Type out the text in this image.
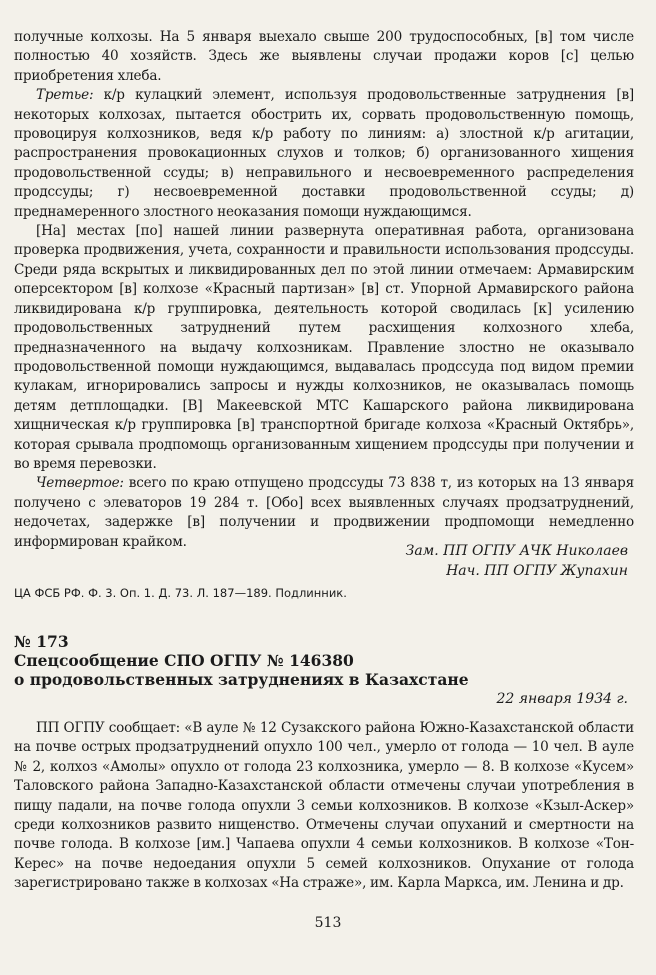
получные колхозы. На 5 января выехало свыше 200 трудоспособных, [в] том числе полностью 40 хозяйств. Здесь же выявлены случаи продажи коров [с] целью приобретения хлеба.

Третье: к/р кулацкий элемент, используя продовольственные затруднения [в] некоторых колхозах, пытается обострить их, сорвать продовольственную помощь, провоцируя колхозников, ведя к/р работу по линиям: а) злостной к/р агитации, распространения провокационных слухов и толков; б) организованного хищения продовольственной ссуды; в) неправильного и несвоевременного распределения продссуды; г) несвоевременной доставки продовольственной ссуды; д) преднамеренного злостного неоказания помощи нуждающимся.

[На] местах [по] нашей линии развернута оперативная работа, организована проверка продвижения, учета, сохранности и правильности использования продссуды. Среди ряда вскрытых и ликвидированных дел по этой линии отмечаем: Армавирским оперсектором [в] колхозе «Красный партизан» [в] ст. Упорной Армавирского района ликвидирована к/р группировка, деятельность которой сводилась [к] усилению продовольственных затруднений путем расхищения колхозного хлеба, предназначенного на выдачу колхозникам. Правление злостно не оказывало продовольственной помощи нуждающимся, выдавалась продссуда под видом премии кулакам, игнорировались запросы и нужды колхозников, не оказывалась помощь детям детплощадки. [В] Макеевской МТС Кашарского района ликвидирована хищническая к/р группировка [в] транспортной бригаде колхоза «Красный Октябрь», которая срывала продпомощь организованным хищением продссуды при получении и во время перевозки.

Четвертое: всего по краю отпущено продссуды 73 838 т, из которых на 13 января получено с элеваторов 19 284 т. [Обо] всех выявленных случаях продзатруднений, недочетах, задержке [в] получении и продвижении продпомощи немедленно информирован крайком.

Зам. ПП ОГПУ АЧК Николаев
Нач. ПП ОГПУ Жупахин
ЦА ФСБ РФ. Ф. 3. Оп. 1. Д. 73. Л. 187—189. Подлинник.
№ 173
Спецсообщение СПО ОГПУ № 146380
о продовольственных затруднениях в Казахстане
22 января 1934 г.

ПП ОГПУ сообщает: «В ауле № 12 Сузакского района Южно-Казахстанской области на почве острых продзатруднений опухло 100 чел., умерло от голода — 10 чел. В ауле № 2, колхоз «Амолы» опухло от голода 23 колхозника, умерло — 8. В колхозе «Кусем» Таловского района Западно-Казахстанской области отмечены случаи употребления в пищу падали, на почве голода опухли 3 семьи колхозников. В колхозе «Кзыл-Аскер» среди колхозников развито нищенство. Отмечены случаи опуханий и смертности на почве голода. В колхозе [им.] Чапаева опухли 4 семьи колхозников. В колхозе «Тон-Керес» на почве недоедания опухли 5 семей колхозников. Опухание от голода зарегистрировано также в колхозах «На страже», им. Карла Маркса, им. Ленина и др.

513
